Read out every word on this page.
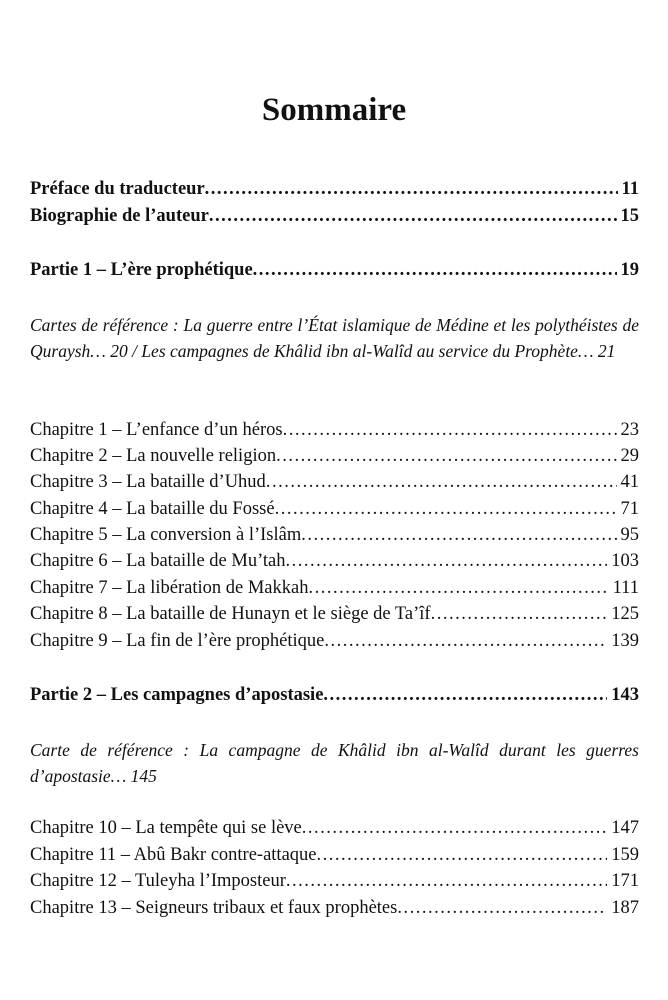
Sommaire
Préface du traducteur .....	11
Biographie de l’auteur .....	15
Partie 1 – L’ère prophétique .....	19
Cartes de référence : La guerre entre l’État islamique de Médine et les polythéistes de Quraysh… 20 / Les campagnes de Khâlid ibn al-Walîd au service du Prophète… 21
Chapitre 1 – L’enfance d’un héros .....	23
Chapitre 2 – La nouvelle religion .....	29
Chapitre 3 – La bataille d’Uhud .....	41
Chapitre 4 – La bataille du Fossé .....	71
Chapitre 5 – La conversion à l’Islâm .....	95
Chapitre 6 – La bataille de Mu’tah .....	103
Chapitre 7 – La libération de Makkah .....	111
Chapitre 8 – La bataille de Hunayn et le siège de Ta’îf .....	125
Chapitre 9 – La fin de l’ère prophétique .....	139
Partie 2 – Les campagnes d’apostasie .....	143
Carte de référence : La campagne de Khâlid ibn al-Walîd durant les guerres d’apostasie… 145
Chapitre 10 – La tempête qui se lève .....	147
Chapitre 11 – Abû Bakr contre-attaque .....	159
Chapitre 12 – Tuleyha l’Imposteur .....	171
Chapitre 13 – Seigneurs tribaux et faux prophètes .....	187
